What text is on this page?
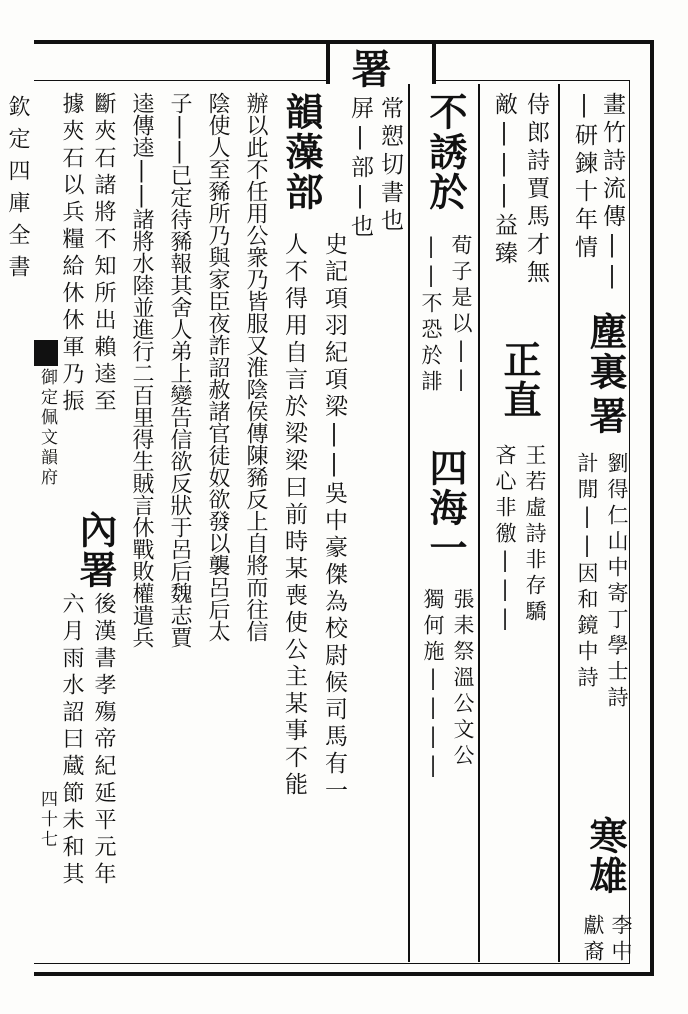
署
欽定四庫全書
御定佩文韻府
四十七
畫竹詩流傳||
|研鍊十年情
塵裏
署
劉得仁山中寄丁學士詩
計閒||因和鏡中詩
寒雄
李中
獻裔
侍郎詩賈馬才無
敵|||益臻
正直
王若虛詩非存驕
吝心非徼|||
不誘於
荀子是以||
||不恐於誹
四海一
張耒祭溫公文公
獨何施||||
常愬切書也
屏|部|也
韻藻部
史記項羽紀項梁||吳中豪傑為校尉候司馬有一
人不得用自言於梁梁曰前時某喪使公主某事不能
辦以此不任用公衆乃皆服又淮陰侯傳陳豨反上自將而往信
陰使人至豨所乃與家臣夜詐詔赦諸官徒奴欲發以襲呂后太
子||已定待豨報其舍人弟上變告信欲反狀于呂后魏志賈
逵傳逵||諸將水陸並進行二百里得生賊言休戰敗權遣兵
斷夾石諸將不知所出賴逵至
據夾石以兵糧給休休軍乃振
內
署
後漢書孝殤帝紀延平元年
六月雨水詔曰蔵節未和其
